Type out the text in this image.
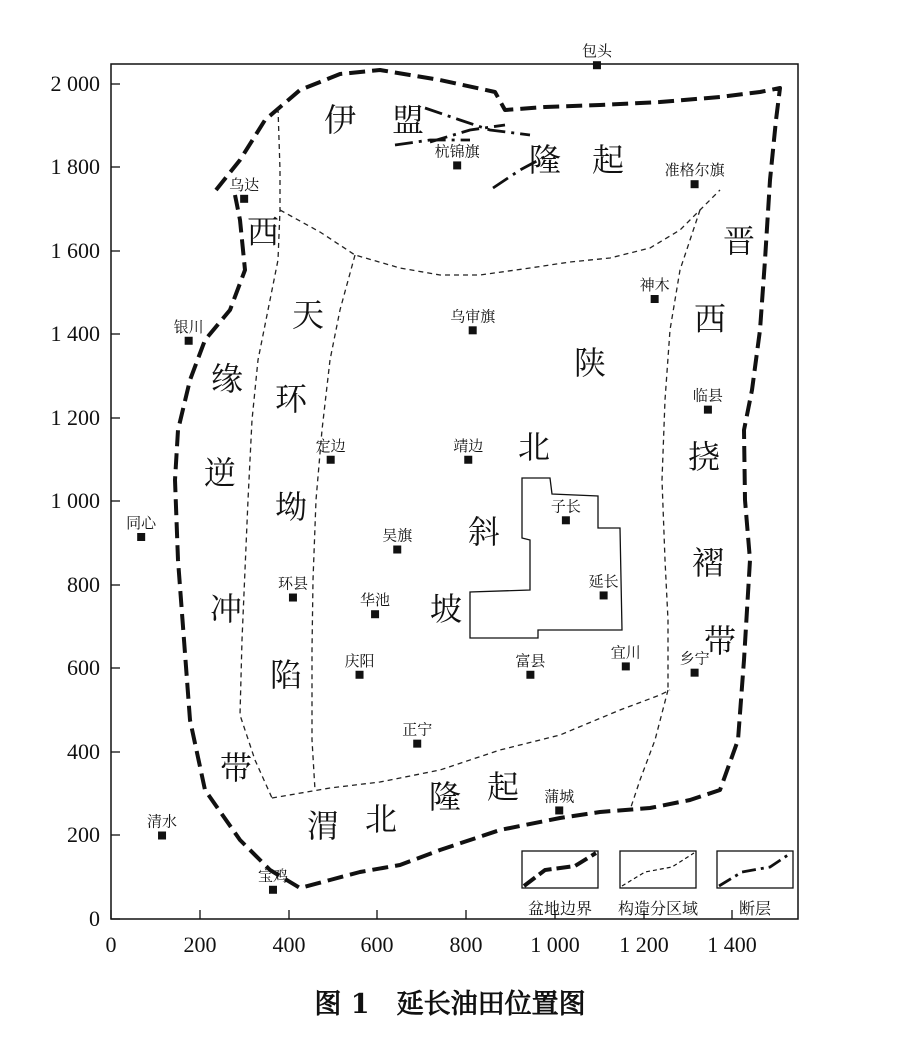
0	200	400	600	800 1 000 1 200 1 400
0
200
400
600
800
1 000
1 200
1 400
1 600
1 800
2 000
包头
杭锦旗
准格尔旗
乌达
神木
乌审旗
银川
临县
定边	靖边
子长
同心
吴旗
环县	延长
华池
宜川
庆阳	富县	乡宁
正宁
蒲城
清水
宝鸡
伊 盟
隆 起
西
缘
逆
冲
带
天
环
坳
陷
陕
北
斜
坡
晋
西
挠
褶
带
渭 北
隆 起
盆地边界 构造分区域	断层
图 1　延长油田位置图
